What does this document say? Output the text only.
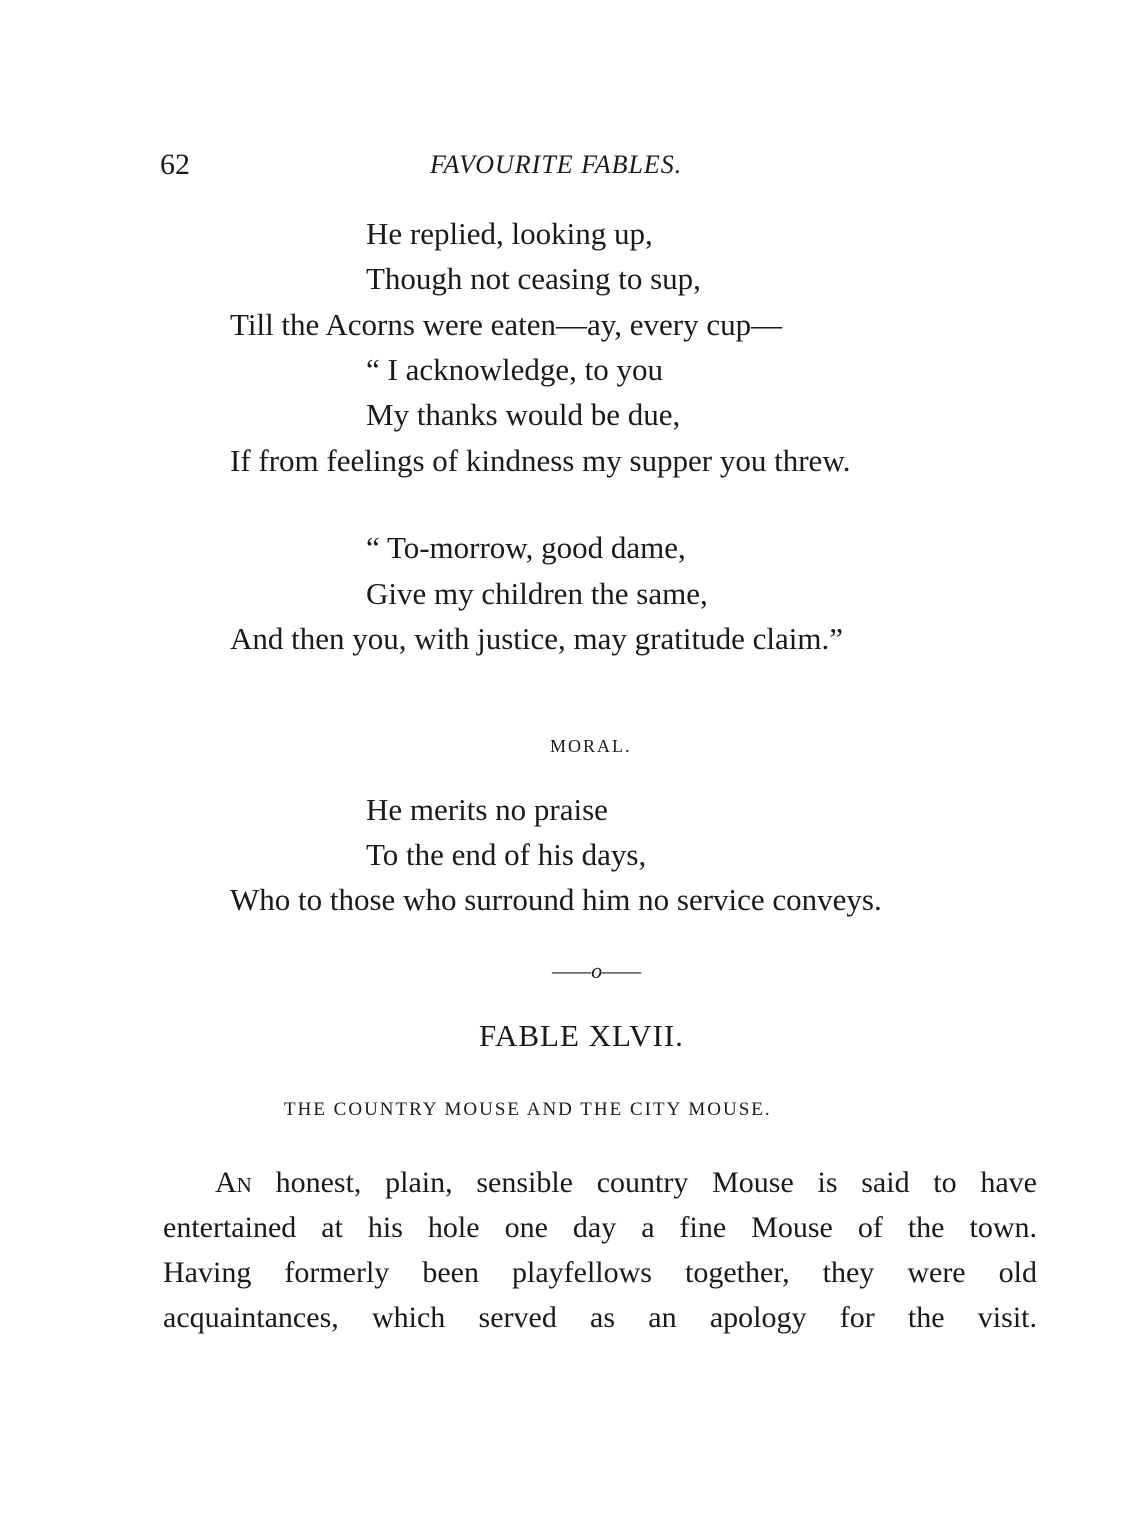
62	FAVOURITE FABLES.
He replied, looking up,
Though not ceasing to sup,
Till the Acorns were eaten—ay, every cup—
“ I acknowledge, to you
My thanks would be due,
If from feelings of kindness my supper you threw.
“ To-morrow, good dame,
Give my children the same,
And then you, with justice, may gratitude claim.”
MORAL.
He merits no praise
To the end of his days,
Who to those who surround him no service conveys.
——o——
FABLE XLVII.
THE COUNTRY MOUSE AND THE CITY MOUSE.
An honest, plain, sensible country Mouse is said to have
entertained at his hole one day a fine Mouse of the town.
Having formerly been playfellows together, they were old
acquaintances, which served as an apology for the visit.
